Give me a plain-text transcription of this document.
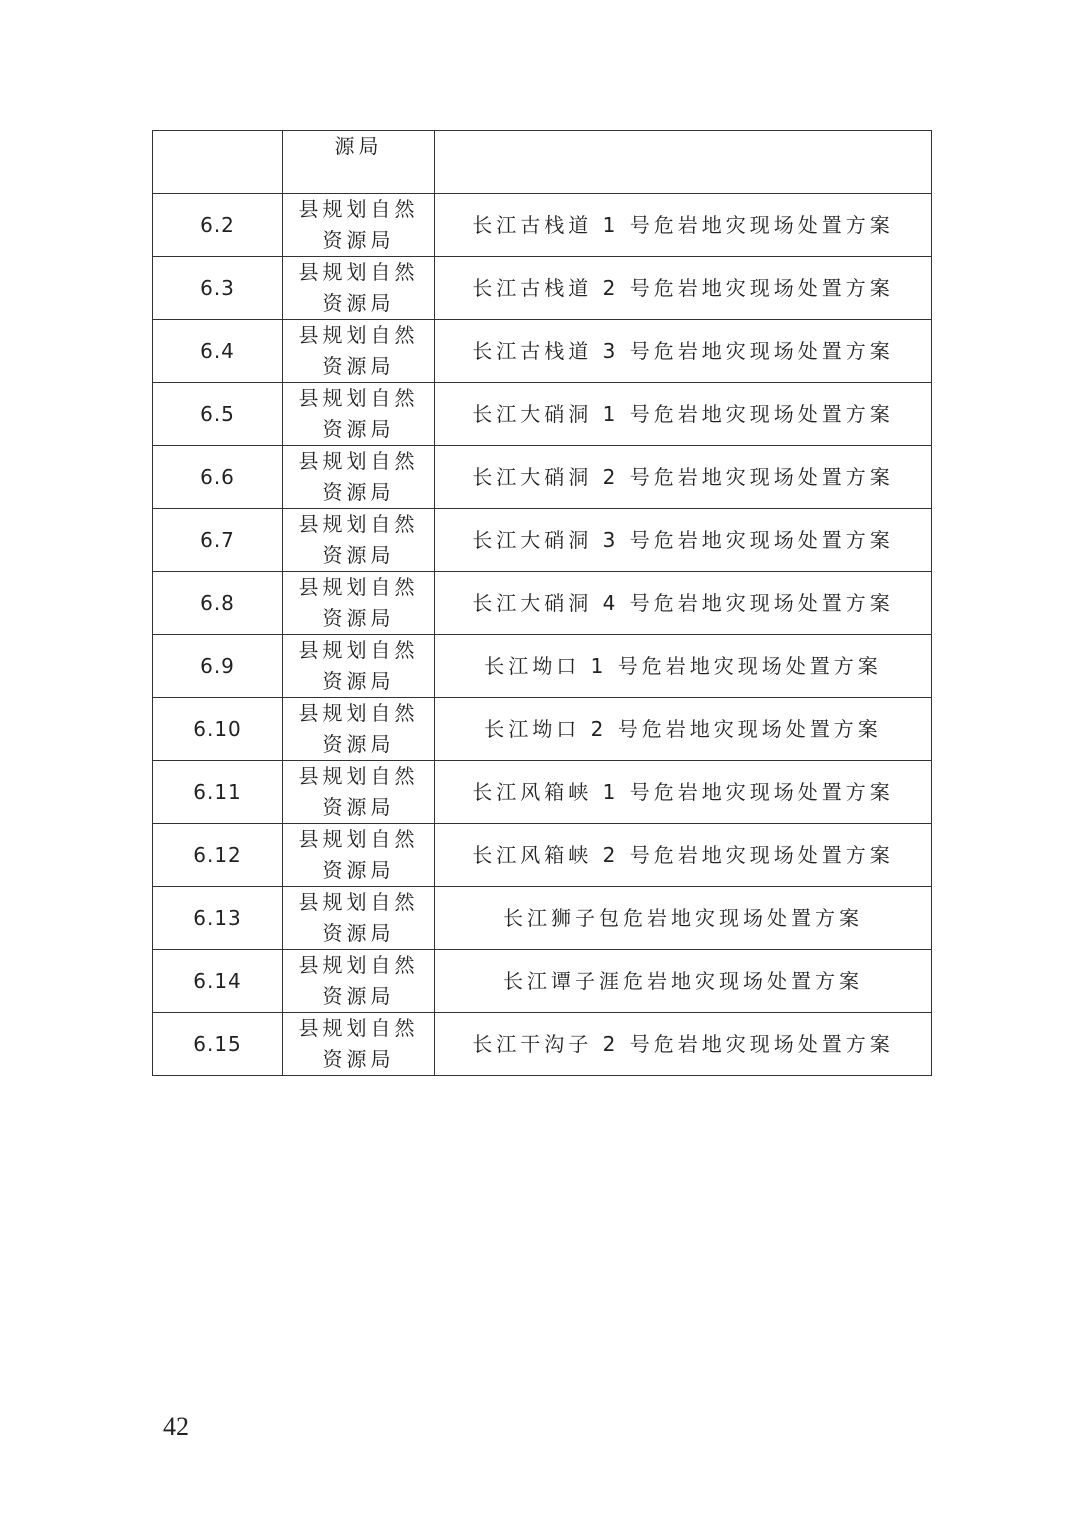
	源局	
6.2	县规划自然资源局	长江古栈道 1 号危岩地灾现场处置方案
6.3	县规划自然资源局	长江古栈道 2 号危岩地灾现场处置方案
6.4	县规划自然资源局	长江古栈道 3 号危岩地灾现场处置方案
6.5	县规划自然资源局	长江大硝洞 1 号危岩地灾现场处置方案
6.6	县规划自然资源局	长江大硝洞 2 号危岩地灾现场处置方案
6.7	县规划自然资源局	长江大硝洞 3 号危岩地灾现场处置方案
6.8	县规划自然资源局	长江大硝洞 4 号危岩地灾现场处置方案
6.9	县规划自然资源局	长江坳口 1 号危岩地灾现场处置方案
6.10	县规划自然资源局	长江坳口 2 号危岩地灾现场处置方案
6.11	县规划自然资源局	长江风箱峡 1 号危岩地灾现场处置方案
6.12	县规划自然资源局	长江风箱峡 2 号危岩地灾现场处置方案
6.13	县规划自然资源局	长江狮子包危岩地灾现场处置方案
6.14	县规划自然资源局	长江谭子涯危岩地灾现场处置方案
6.15	县规划自然资源局	长江干沟子 2 号危岩地灾现场处置方案
42
